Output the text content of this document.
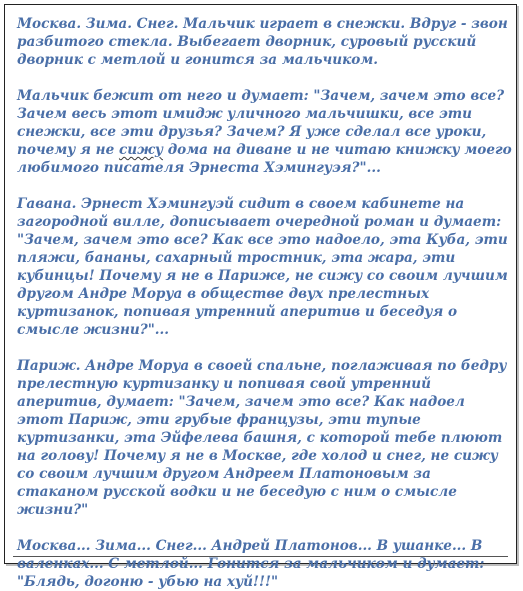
Москва. Зима. Снег. Мальчик играет в снежки. Вдруг - звон разбитого стекла. Выбегает дворник, суровый русский дворник с метлой и гонится за мальчиком.

Мальчик бежит от него и думает: "Зачем, зачем это все? Зачем весь этот имидж уличного мальчишки, все эти снежки, все эти друзья? Зачем? Я уже сделал все уроки, почему я не сижу дома на диване и не читаю книжку моего любимого писателя Эрнеста Хэмингуэя?"...

Гавана. Эрнест Хэмингуэй сидит в своем кабинете на загородной вилле, дописывает очередной роман и думает: "Зачем, зачем это все? Как все это надоело, эта Куба, эти пляжи, бананы, сахарный тростник, эта жара, эти кубинцы! Почему я не в Париже, не сижу со своим лучшим другом Андре Моруа в обществе двух прелестных куртизанок, попивая утренний аперитив и беседуя о смысле жизни?"...

Париж. Андре Моруа в своей спальне, поглаживая по бедру прелестную куртизанку и попивая свой утренний аперитив, думает: "Зачем, зачем это все? Как надоел этот Париж, эти грубые французы, эти тупые куртизанки, эта Эйфелева башня, с которой тебе плюют на голову! Почему я не в Москве, где холод и снег, не сижу со своим лучшим другом Андреем Платоновым за стаканом русской водки и не беседую с ним о смысле жизни?"

Москва... Зима... Снег... Андрей Платонов... В ушанке... В валенках... С метлой... Гонится за мальчиком и думает: "Блядь, догоню - убью на хуй!!!"
